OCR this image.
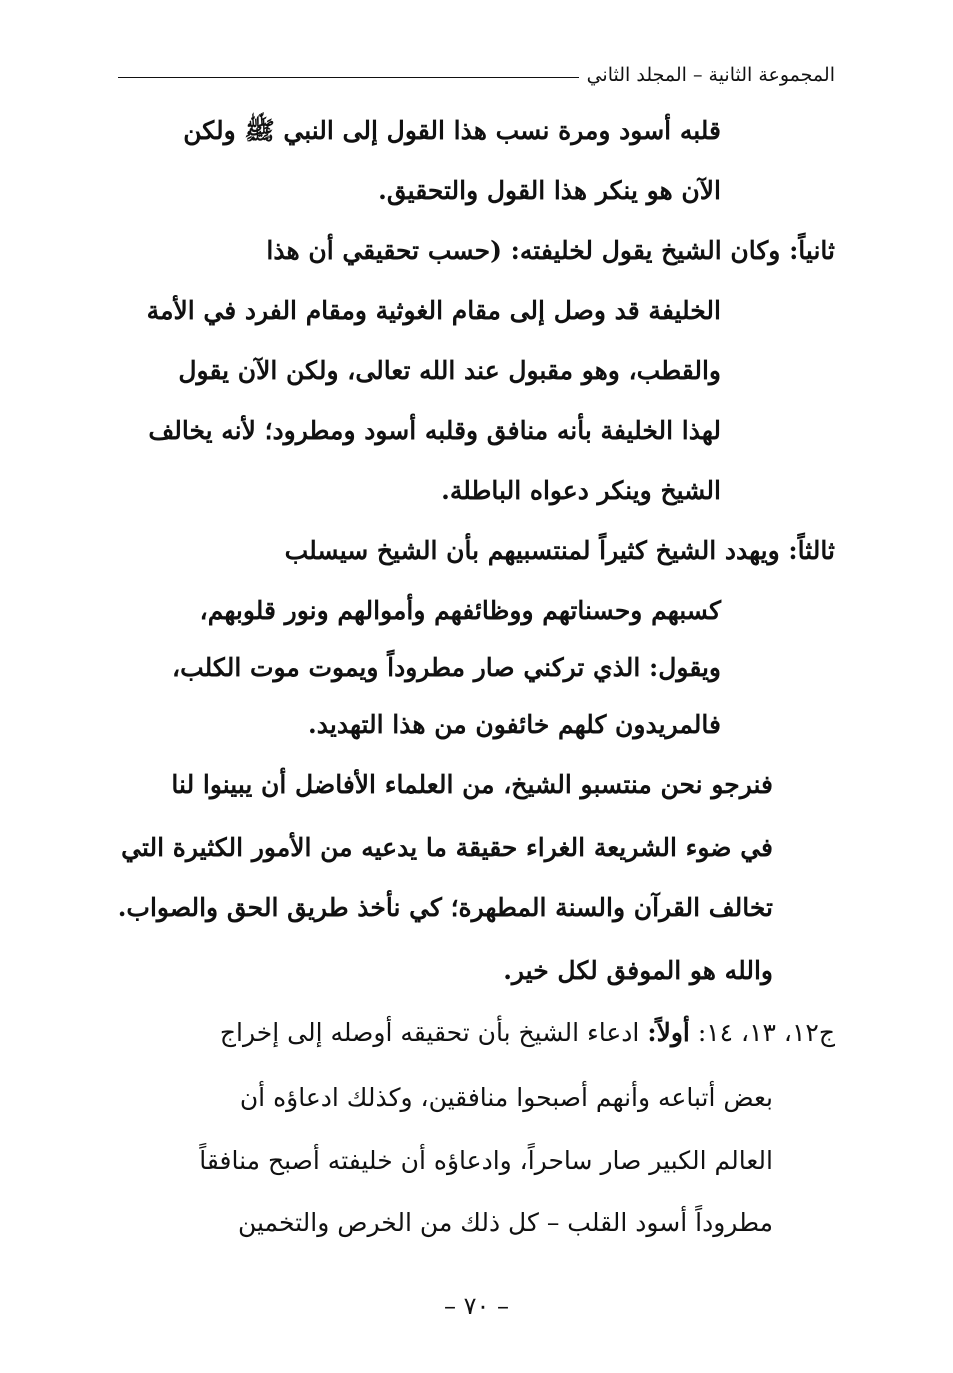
المجموعة الثانية – المجلد الثاني
قلبه أسود ومرة نسب هذا القول إلى النبي ﷺ ولكن
الآن هو ينكر هذا القول والتحقيق.
ثانياً: وكان الشيخ يقول لخليفته: (حسب تحقيقي أن هذا
الخليفة قد وصل إلى مقام الغوثية ومقام الفرد في الأمة
والقطب، وهو مقبول عند الله تعالى، ولكن الآن يقول
لهذا الخليفة بأنه منافق وقلبه أسود ومطرود؛ لأنه يخالف
الشيخ وينكر دعواه الباطلة.
ثالثاً: ويهدد الشيخ كثيراً لمنتسبيهم بأن الشيخ سيسلب
كسبهم وحسناتهم ووظائفهم وأموالهم ونور قلوبهم،
ويقول: الذي تركني صار مطروداً ويموت موت الكلب،
فالمريدون كلهم خائفون من هذا التهديد.
فنرجو نحن منتسبو الشيخ، من العلماء الأفاضل أن يبينوا لنا
في ضوء الشريعة الغراء حقيقة ما يدعيه من الأمور الكثيرة التي
تخالف القرآن والسنة المطهرة؛ كي نأخذ طريق الحق والصواب.
والله هو الموفق لكل خير.
ج١٢، ١٣، ١٤: أولاً: ادعاء الشيخ بأن تحقيقه أوصله إلى إخراج
بعض أتباعه وأنهم أصبحوا منافقين، وكذلك ادعاؤه أن
العالم الكبير صار ساحراً، وادعاؤه أن خليفته أصبح منافقاً
مطروداً أسود القلب – كل ذلك من الخرص والتخمين
– ٧٠ –
